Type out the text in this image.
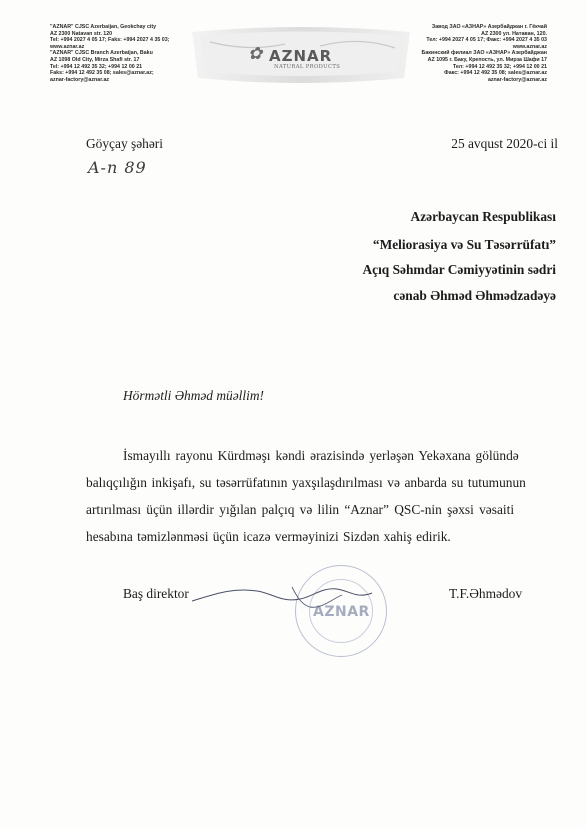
"AZNAR" CJSC Azerbaijan, Geokchay city
AZ 2300 Natavan str. 120
Tel: +994 2027 4 05 17; Faks: +994 2027 4 35 03;
www.aznar.az
"AZNAR" CJSC Branch Azerbaijan, Baku
AZ 1098 Old City, Mirza Shafi str. 17
Tel: +994 12 492 35 32; +994 12 00 21
Faks: +994 12 492 35 08; sales@aznar.az;
aznar-factory@aznar.az
✿ AZNAR
NATURAL PRODUCTS
Завод ЗАО «АЗНАР» Азербайджан г. Гёкчай
AZ 2300 ул. Натаван, 120.
Тел: +994 2027 4 05 17; Факс: +994 2027 4 35 03
www.aznar.az
Бакинский филиал ЗАО «АЗНАР» Азербайджан
AZ 1095 г. Баку, Крепость, ул. Мирза Шафи 17
Тел: +994 12 492 35 32; +994 12 00 21
Факс: +994 12 492 35 08; sales@aznar.az
aznar-factory@aznar.az
Göyçay şəhəri	25 avqust 2020-ci il
A-n 89
Azərbaycan Respublikası
“Meliorasiya və Su Təsərrüfatı”
Açıq Səhmdar Cəmiyyətinin sədri
cənab Əhməd Əhmədzadəyə
Hörmətli Əhməd müəllim!
İsmayıllı rayonu Kürdməşı kəndi ərazisində yerləşən Yekəxana gölündə
balıqçılığın inkişafı, su təsərrüfatının yaxşılaşdırılması və anbarda su tutumunun
artırılması üçün illərdir yığılan palçıq və lilin “Aznar” QSC-nin şəxsi vəsaiti
hesabına təmizlənməsi üçün icazə verməyinizi Sizdən xahiş edirik.
AZNAR
Baş direktor	T.F.Əhmədov
